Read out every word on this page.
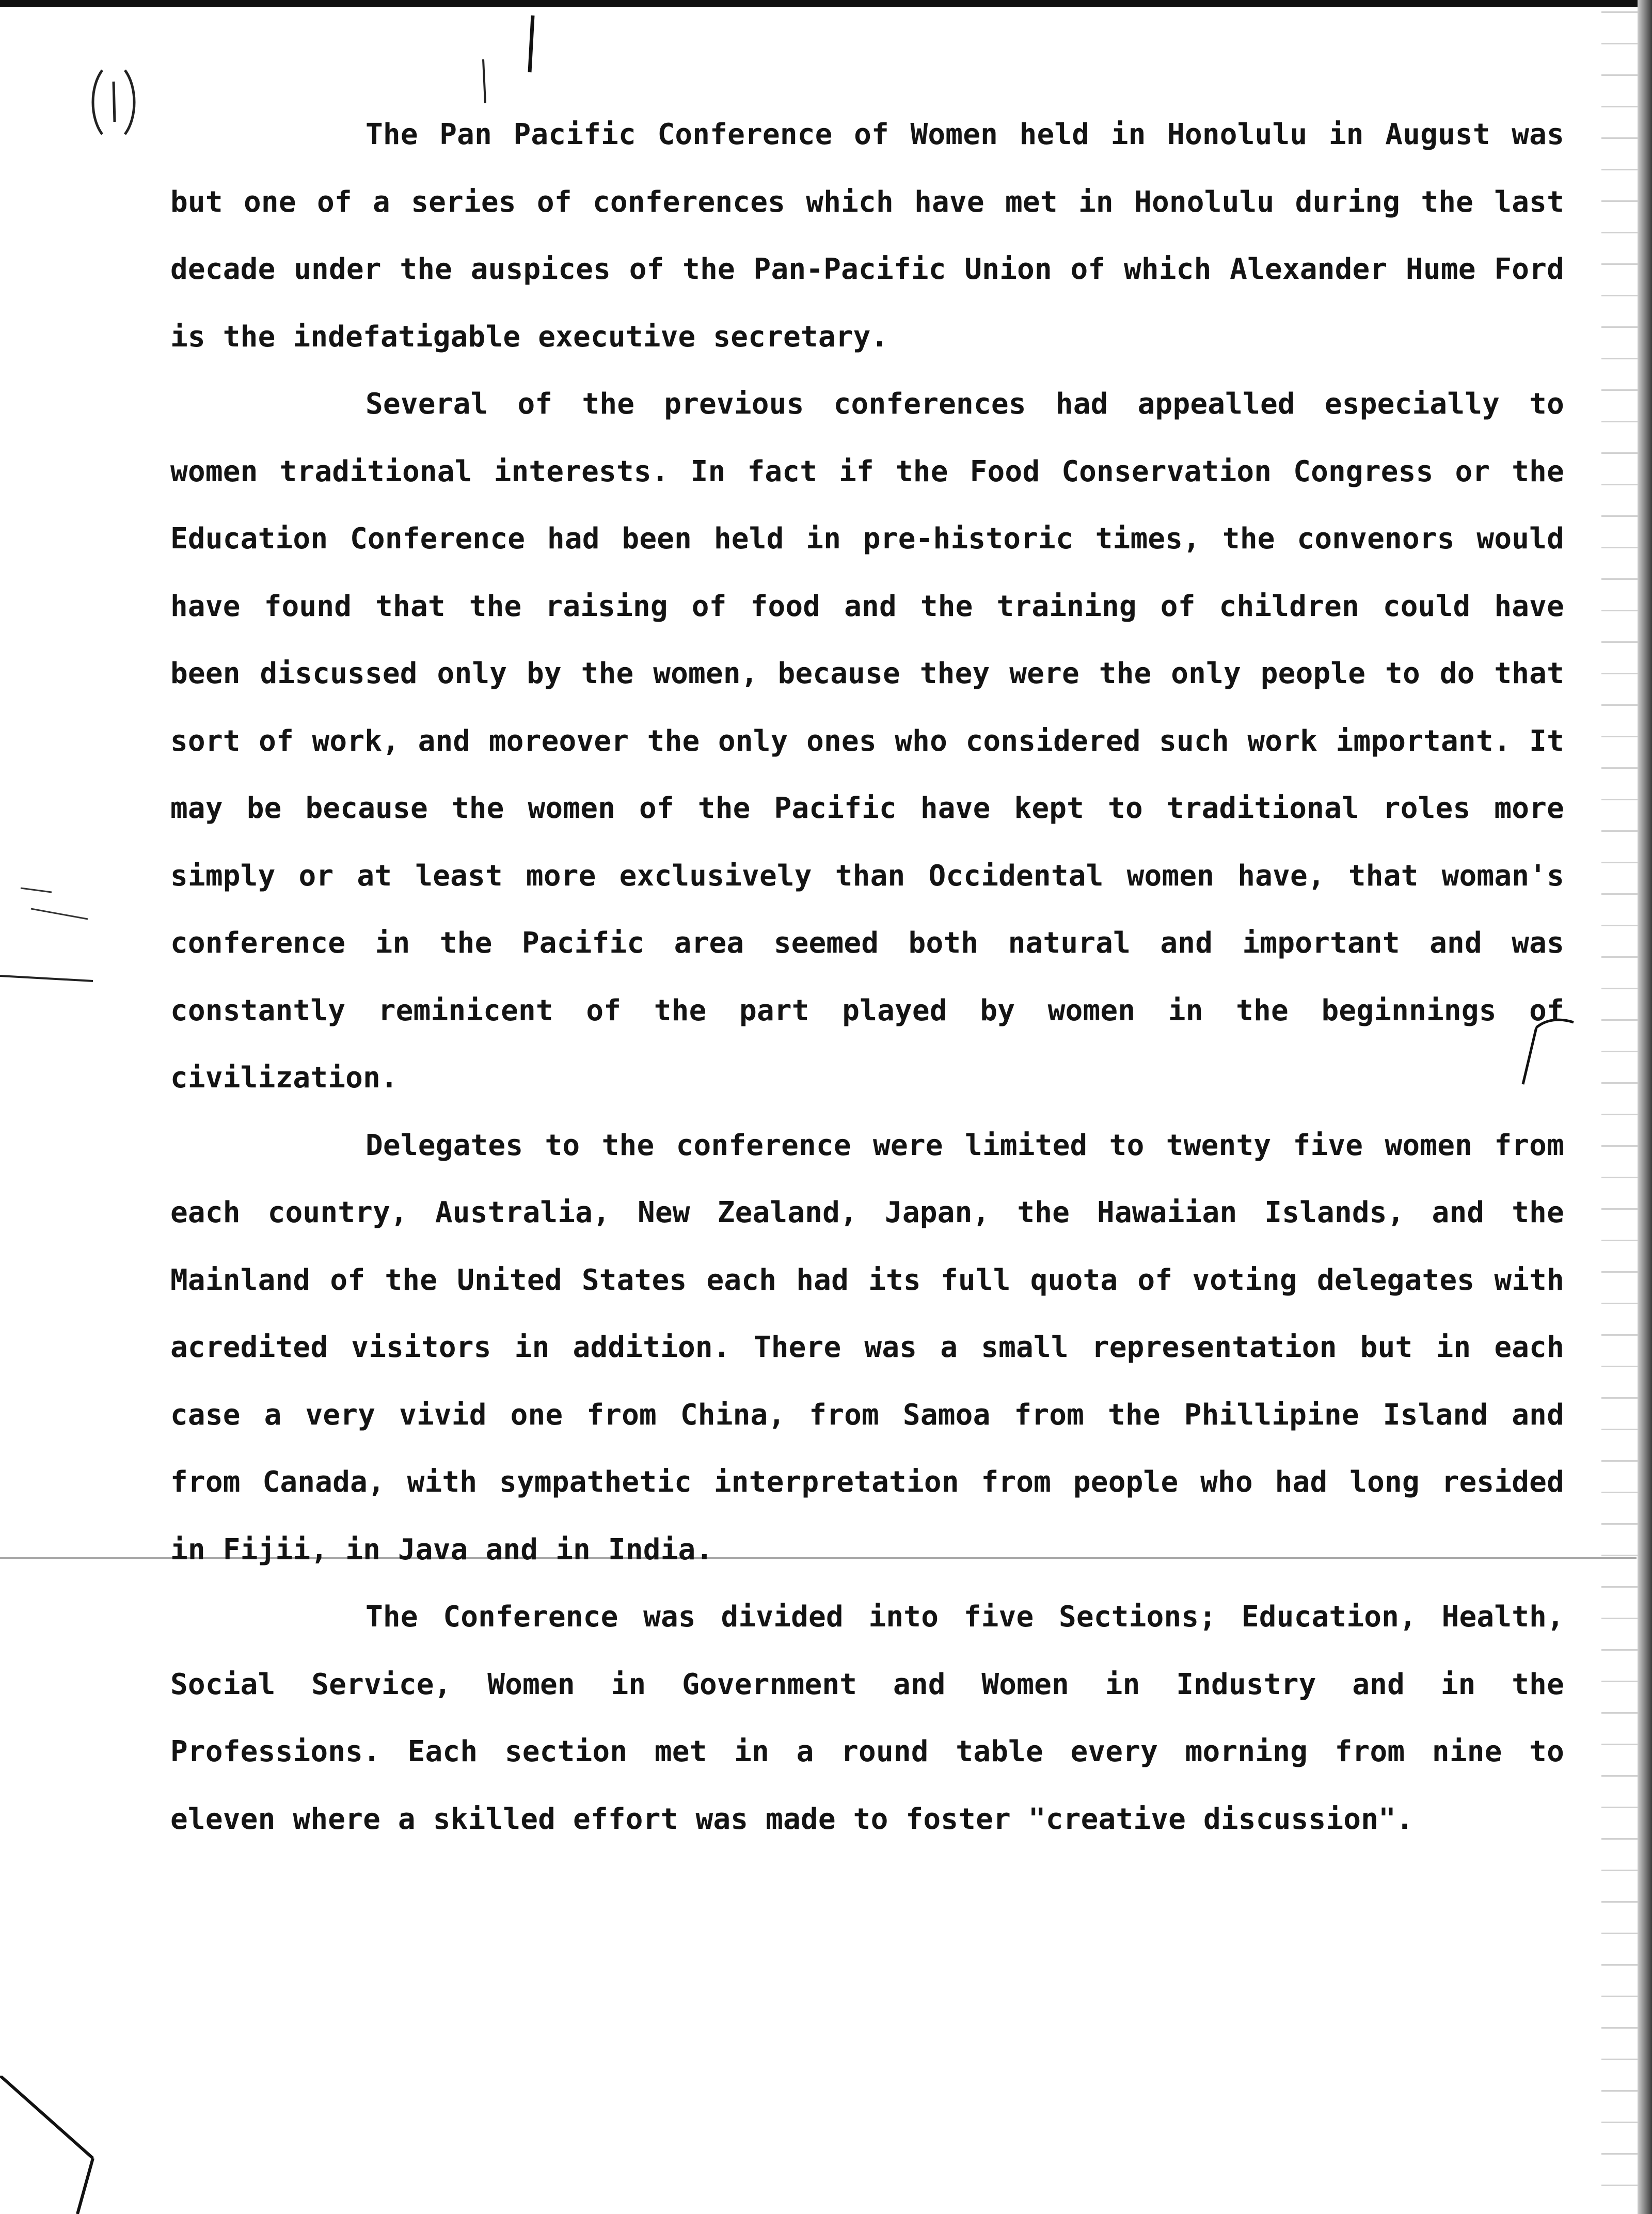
The Pan Pacific Conference of Women held in Honolulu in August was but one of a series of conferences which have met in Honolulu during the last decade under the auspices of the Pan-Pacific Union of which Alexander Hume Ford is the indefatigable executive secretary.

Several of the previous conferences had appealled especially to women traditional interests. In fact if the Food Conservation Congress or the Education Conference had been held in pre-historic times, the convenors would have found that the raising of food and the training of children could have been discussed only by the women, because they were the only people to do that sort of work, and moreover the only ones who considered such work important. It may be because the women of the Pacific have kept to traditional roles more simply or at least more exclusively than Occidental women have, that woman's conference in the Pacific area seemed both natural and important and was constantly reminicent of the part played by women in the beginnings of civilization.

Delegates to the conference were limited to twenty five women from each country, Australia, New Zealand, Japan, the Hawaiian Islands, and the Mainland of the United States each had its full quota of voting delegates with acredited visitors in addition. There was a small representation but in each case a very vivid one from China, from Samoa from the Phillipine Island and from Canada, with sympathetic interpretation from people who had long resided in Fijii, in Java and in India.

The Conference was divided into five Sections; Education, Health, Social Service, Women in Government and Women in Industry and in the Professions. Each section met in a round table every morning from nine to eleven where a skilled effort was made to foster "creative discussion".
